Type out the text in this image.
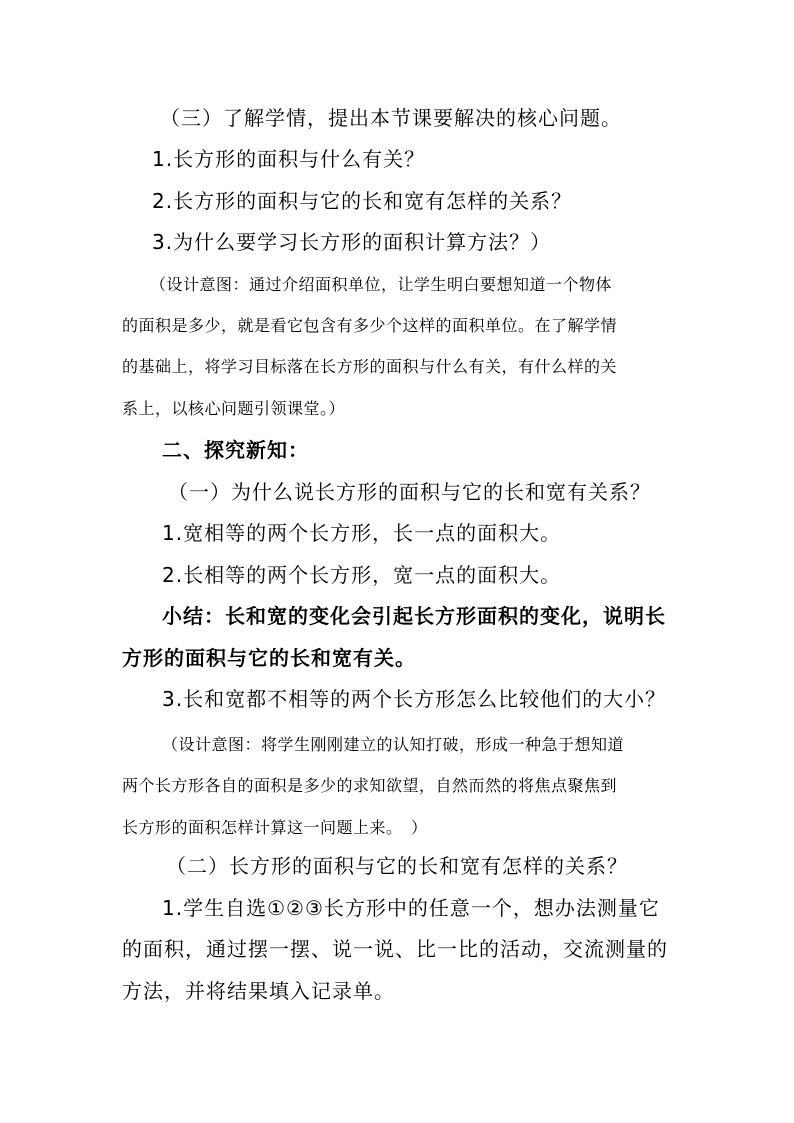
（三）了解学情，提出本节课要解决的核心问题。
1.长方形的面积与什么有关？
2.长方形的面积与它的长和宽有怎样的关系？
3.为什么要学习长方形的面积计算方法？）
（设计意图：通过介绍面积单位，让学生明白要想知道一个物体
的面积是多少，就是看它包含有多少个这样的面积单位。在了解学情
的基础上，将学习目标落在长方形的面积与什么有关，有什么样的关
系上，以核心问题引领课堂。）
二、探究新知：
（一）为什么说长方形的面积与它的长和宽有关系？
1.宽相等的两个长方形，长一点的面积大。
2.长相等的两个长方形，宽一点的面积大。
小结：长和宽的变化会引起长方形面积的变化，说明长
方形的面积与它的长和宽有关。
3.长和宽都不相等的两个长方形怎么比较他们的大小？
（设计意图：将学生刚刚建立的认知打破，形成一种急于想知道
两个长方形各自的面积是多少的求知欲望，自然而然的将焦点聚焦到
长方形的面积怎样计算这一问题上来。　）
（二）长方形的面积与它的长和宽有怎样的关系？
1.学生自选①②③长方形中的任意一个，想办法测量它
的面积，通过摆一摆、说一说、比一比的活动，交流测量的
方法，并将结果填入记录单。
